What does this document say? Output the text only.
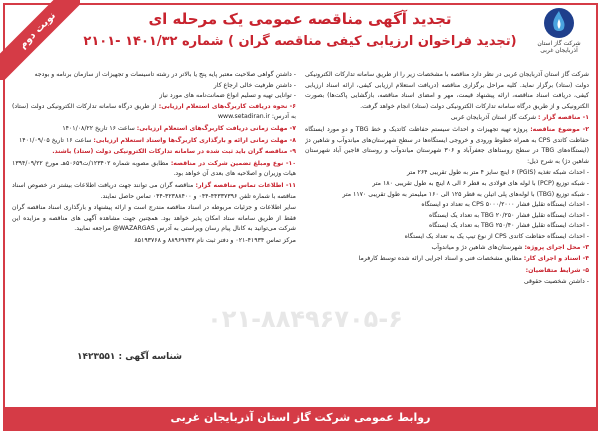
نوبت دوم	شرکت گاز استان
آذربایجان غربی
تجدید آگهی مناقصه عمومی یک مرحله ای
(تجدید فراخوان ارزیابی کیفی مناقصه گران ) شماره ۱۴۰۱/۳۲ -۲۱۰۱

شرکت گاز استان آذربایجان غربی در نظر دارد مناقصه با مشخصات زیر را از طریق سامانه تدارکات الکترونیکی دولت (ستاد) برگزار نماید. کلیه مراحل برگزاری مناقصه (دریافت استعلام ارزیابی کیفی، ارائه اسناد ارزیابی کیفی، دریافت اسناد مناقصه، ارائه پیشنهاد قیمت، مهر و امضای اسناد مناقصه، بازگشایی پاکت‌ها) بصورت الکترونیکی و از طریق درگاه سامانه تدارکات الکترونیکی دولت (ستاد) انجام خواهد گرفت.

۱- مناقصه گزار : شرکت گاز استان آذربایجان غربی

۲- موضوع مناقصه: پروژه تهیه تجهیزات و احداث سیستم حفاظت کاتدیک و خط TBG و دو مورد ایستگاه حفاظت کاتدی CPS به همراه خطوط ورودی و خروجی ایستگاه‌ها در سطح شهرستان‌های میاندوآب و شاهین دژ (ایستگاه‌های TBG در سطح روستاهای جعفرآباد و ۳۰۶ شهرستان میاندوآب و روستای قاجین آباد شهرستان شاهین دژ) به شرح ذیل:

- احداث شبکه تغذیه (PGIS) ۶ اینچ سایز ۴ متر به طول تقریبی ۲۶۴ متر
- شبکه توزیع (PCP) با لوله های فولادی به قطر ۶ الی ۸ اینچ به طول تقریبی ۱۸۰ متر
- شبکه توزیع (TBG) با لوله‌های پلی اتیلن به قطر ۱۲۵ الی ۱۶۰ میلیمتر به طول تقریبی ۱۱۷۰ متر
- احداث ایستگاه تقلیل فشار CPS ۵۰۰۰/۲۰۰۰ به تعداد دو ایستگاه
- احداث ایستگاه تقلیل فشار TBG ۲۰/۲۵۰ به تعداد یک ایستگاه
- احداث ایستگاه تقلیل فشار TBG ۲۵۰/۴۰ به تعداد یک ایستگاه
- احداث ایستگاه حفاظت کاتدی CPS از نوع تیپ یک به تعداد یک ایستگاه

۳- محل اجرای پروژه: شهرستان‌های شاهین دژ و میاندوآب

۴- اسناد و اجرای کار: مطابق مشخصات فنی و اسناد اجرایی ارائه شده توسط کارفرما

۵- شرایط متقاضیان:

- داشتن شخصیت حقوقی
- داشتن گواهی صلاحیت معتبر پایه پنج یا بالاتر در رشته تاسیسات و تجهیزات از سازمان برنامه و بودجه
- داشتن ظرفیت خالی ارجاع کار
- توانایی تهیه و تسلیم انواع ضمانت‌نامه های مورد نیاز

۶- نحوه دریافت کاربرگ‌های استعلام ارزیابی: از طریق درگاه سامانه تدارکات الکترونیکی دولت (ستاد) به آدرس: www.setadiran.ir

۷- مهلت زمانی دریافت کاربرگ‌های استعلام ارزیابی: ساعت ۱۶ تاریخ ۱۴۰۱/۰۸/۲۲

۸- مهلت زمانی ارائه و بارگذاری کاربرگ‌ها واسناد استعلام ارزیابی: ساعت ۱۶ تاریخ ۱۴۰۱/۰۹/۰۵

۹- مناقصه گران باید ثبت شده در سامانه تدارکات الکترونیکی دولت (ستاد) باشند.

۱۰- نوع ومبلغ تضمین شرکت در مناقصه: مطابق مصوبه شماره ۱۲۳۴۰۲/ت۵۰۶۵۹هـ مورخ ۱۳۹۴/۰۹/۲۲ هیات وزیران و اصلاحیه های بعدی آن خواهد بود.

۱۱- اطلاعات تماس مناقصه گزار: مناقصه گران می توانند جهت دریافت اطلاعات بیشتر در خصوص اسناد مناقصه با شماره تلفن ۴۴۳۳۷۳۹۶-۰۴۴ و ۳۲۳۸۸۴۰۰-۰۴۴ تماس حاصل نمایند.

سایر اطلاعات و جزئیات مربوطه در اسناد مناقصه مندرج است و ارائه پیشنهاد و بارگذاری اسناد مناقصه گران فقط از طریق سامانه ستاد امکان پذیر خواهد بود. همچنین جهت مشاهده آگهی های مناقصه و مزایده این شرکت می‌توانید به کانال پیام رسان ویراستی به آدرس WAZARGAS@ مراجعه نمایید.

مرکز تماس ۴۱۹۳۴-۰۲۱ و دفتر ثبت نام ۸۸۹۶۹۷۳۷ و ۸۵۱۹۳۷۶۸

۰۲۱-۸۸۴۹۶۷۰۵-۶
شناسه آگهی : ۱۴۲۳۵۵۱
روابط عمومی شرکت گاز استان آذربایجان غربی
